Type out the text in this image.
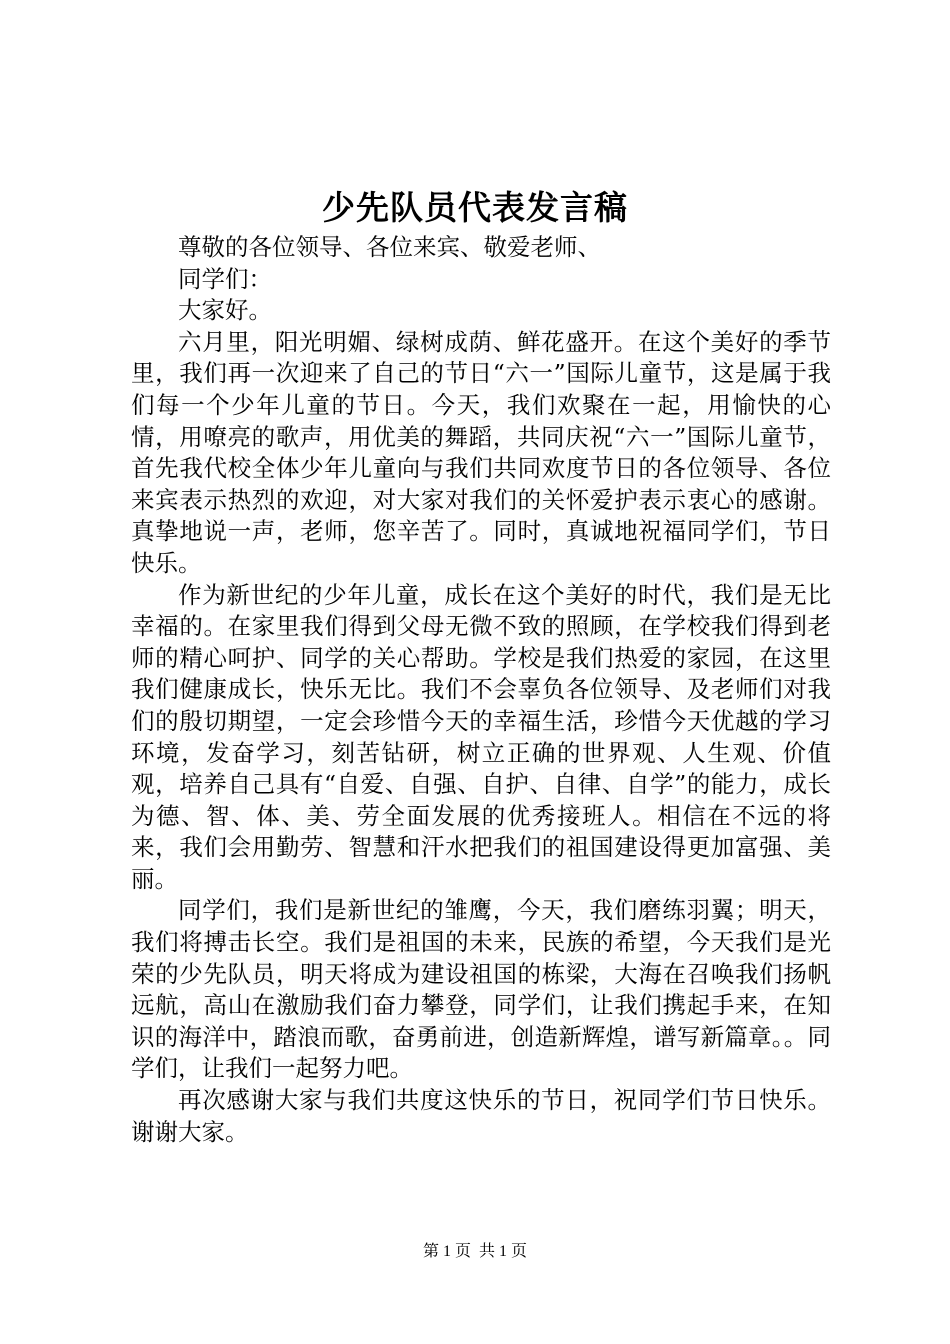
少先队员代表发言稿

尊敬的各位领导、各位来宾、敬爱老师、

同学们：

大家好。

六月里，阳光明媚、绿树成荫、鲜花盛开。在这个美好的季节里，我们再一次迎来了自己的节日“六一”国际儿童节，这是属于我们每一个少年儿童的节日。今天，我们欢聚在一起，用愉快的心情，用嘹亮的歌声，用优美的舞蹈，共同庆祝“六一”国际儿童节，首先我代校全体少年儿童向与我们共同欢度节日的各位领导、各位来宾表示热烈的欢迎，对大家对我们的关怀爱护表示衷心的感谢。真挚地说一声，老师，您辛苦了。同时，真诚地祝福同学们，节日快乐。

作为新世纪的少年儿童，成长在这个美好的时代，我们是无比幸福的。在家里我们得到父母无微不致的照顾，在学校我们得到老师的精心呵护、同学的关心帮助。学校是我们热爱的家园，在这里我们健康成长，快乐无比。我们不会辜负各位领导、及老师们对我们的殷切期望，一定会珍惜今天的幸福生活，珍惜今天优越的学习环境，发奋学习，刻苦钻研，树立正确的世界观、人生观、价值观，培养自己具有“自爱、自强、自护、自律、自学”的能力，成长为德、智、体、美、劳全面发展的优秀接班人。相信在不远的将来，我们会用勤劳、智慧和汗水把我们的祖国建设得更加富强、美丽。

同学们，我们是新世纪的雏鹰，今天，我们磨练羽翼；明天，我们将搏击长空。我们是祖国的未来，民族的希望，今天我们是光荣的少先队员，明天将成为建设祖国的栋梁，大海在召唤我们扬帆远航，高山在激励我们奋力攀登，同学们，让我们携起手来，在知识的海洋中，踏浪而歌，奋勇前进，创造新辉煌，谱写新篇章。。同学们，让我们一起努力吧。

再次感谢大家与我们共度这快乐的节日，祝同学们节日快乐。谢谢大家。

第 1 页  共 1 页
